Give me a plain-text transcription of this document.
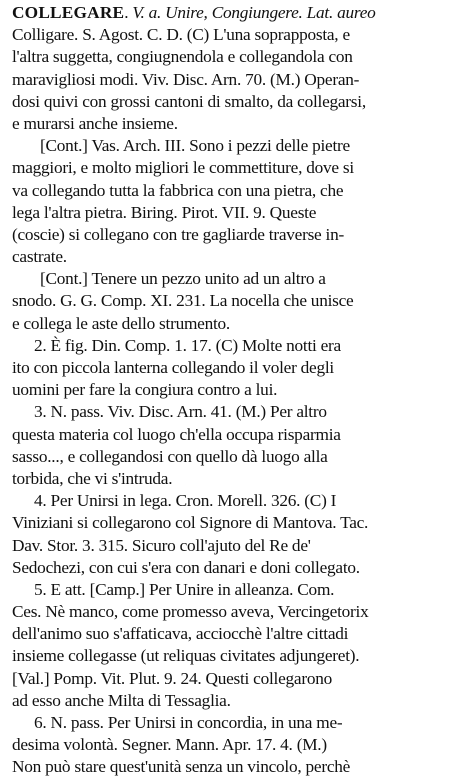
COLLEGARE. V. a. Unire, Congiungere. Lat. aureo
Colligare. S. Agost. C. D. (C) L'una soprapposta, e
l'altra suggetta, congiugnendola e collegandola con
maravigliosi modi. Viv. Disc. Arn. 70. (M.) Operan-
dosi quivi con grossi cantoni di smalto, da collegarsi,
e murarsi anche insieme.
[Cont.] Vas. Arch. III. Sono i pezzi delle pietre
maggiori, e molto migliori le commettiture, dove si
va collegando tutta la fabbrica con una pietra, che
lega l'altra pietra. Biring. Pirot. VII. 9. Queste
(coscie) si collegano con tre gagliarde traverse in-
castrate.
[Cont.] Tenere un pezzo unito ad un altro a
snodo. G. G. Comp. XI. 231. La nocella che unisce
e collega le aste dello strumento.
2. È fig. Din. Comp. 1. 17. (C) Molte notti era
ito con piccola lanterna collegando il voler degli
uomini per fare la congiura contro a lui.
3. N. pass. Viv. Disc. Arn. 41. (M.) Per altro
questa materia col luogo ch'ella occupa risparmia
sasso..., e collegandosi con quello dà luogo alla
torbida, che vi s'intruda.
4. Per Unirsi in lega. Cron. Morell. 326. (C) I
Viniziani si collegarono col Signore di Mantova. Tac.
Dav. Stor. 3. 315. Sicuro coll'ajuto del Re de'
Sedochezi, con cui s'era con danari e doni collegato.
5. E att. [Camp.] Per Unire in alleanza. Com.
Ces. Nè manco, come promesso aveva, Vercingetorix
dell'animo suo s'affaticava, acciocchè l'altre cittadi
insieme collegasse (ut reliquas civitates adjungeret).
[Val.] Pomp. Vit. Plut. 9. 24. Questi collegarono
ad esso anche Milta di Tessaglia.
6. N. pass. Per Unirsi in concordia, in una me-
desima volontà. Segner. Mann. Apr. 17. 4. (M.)
Non può stare quest'unità senza un vincolo, perchè
